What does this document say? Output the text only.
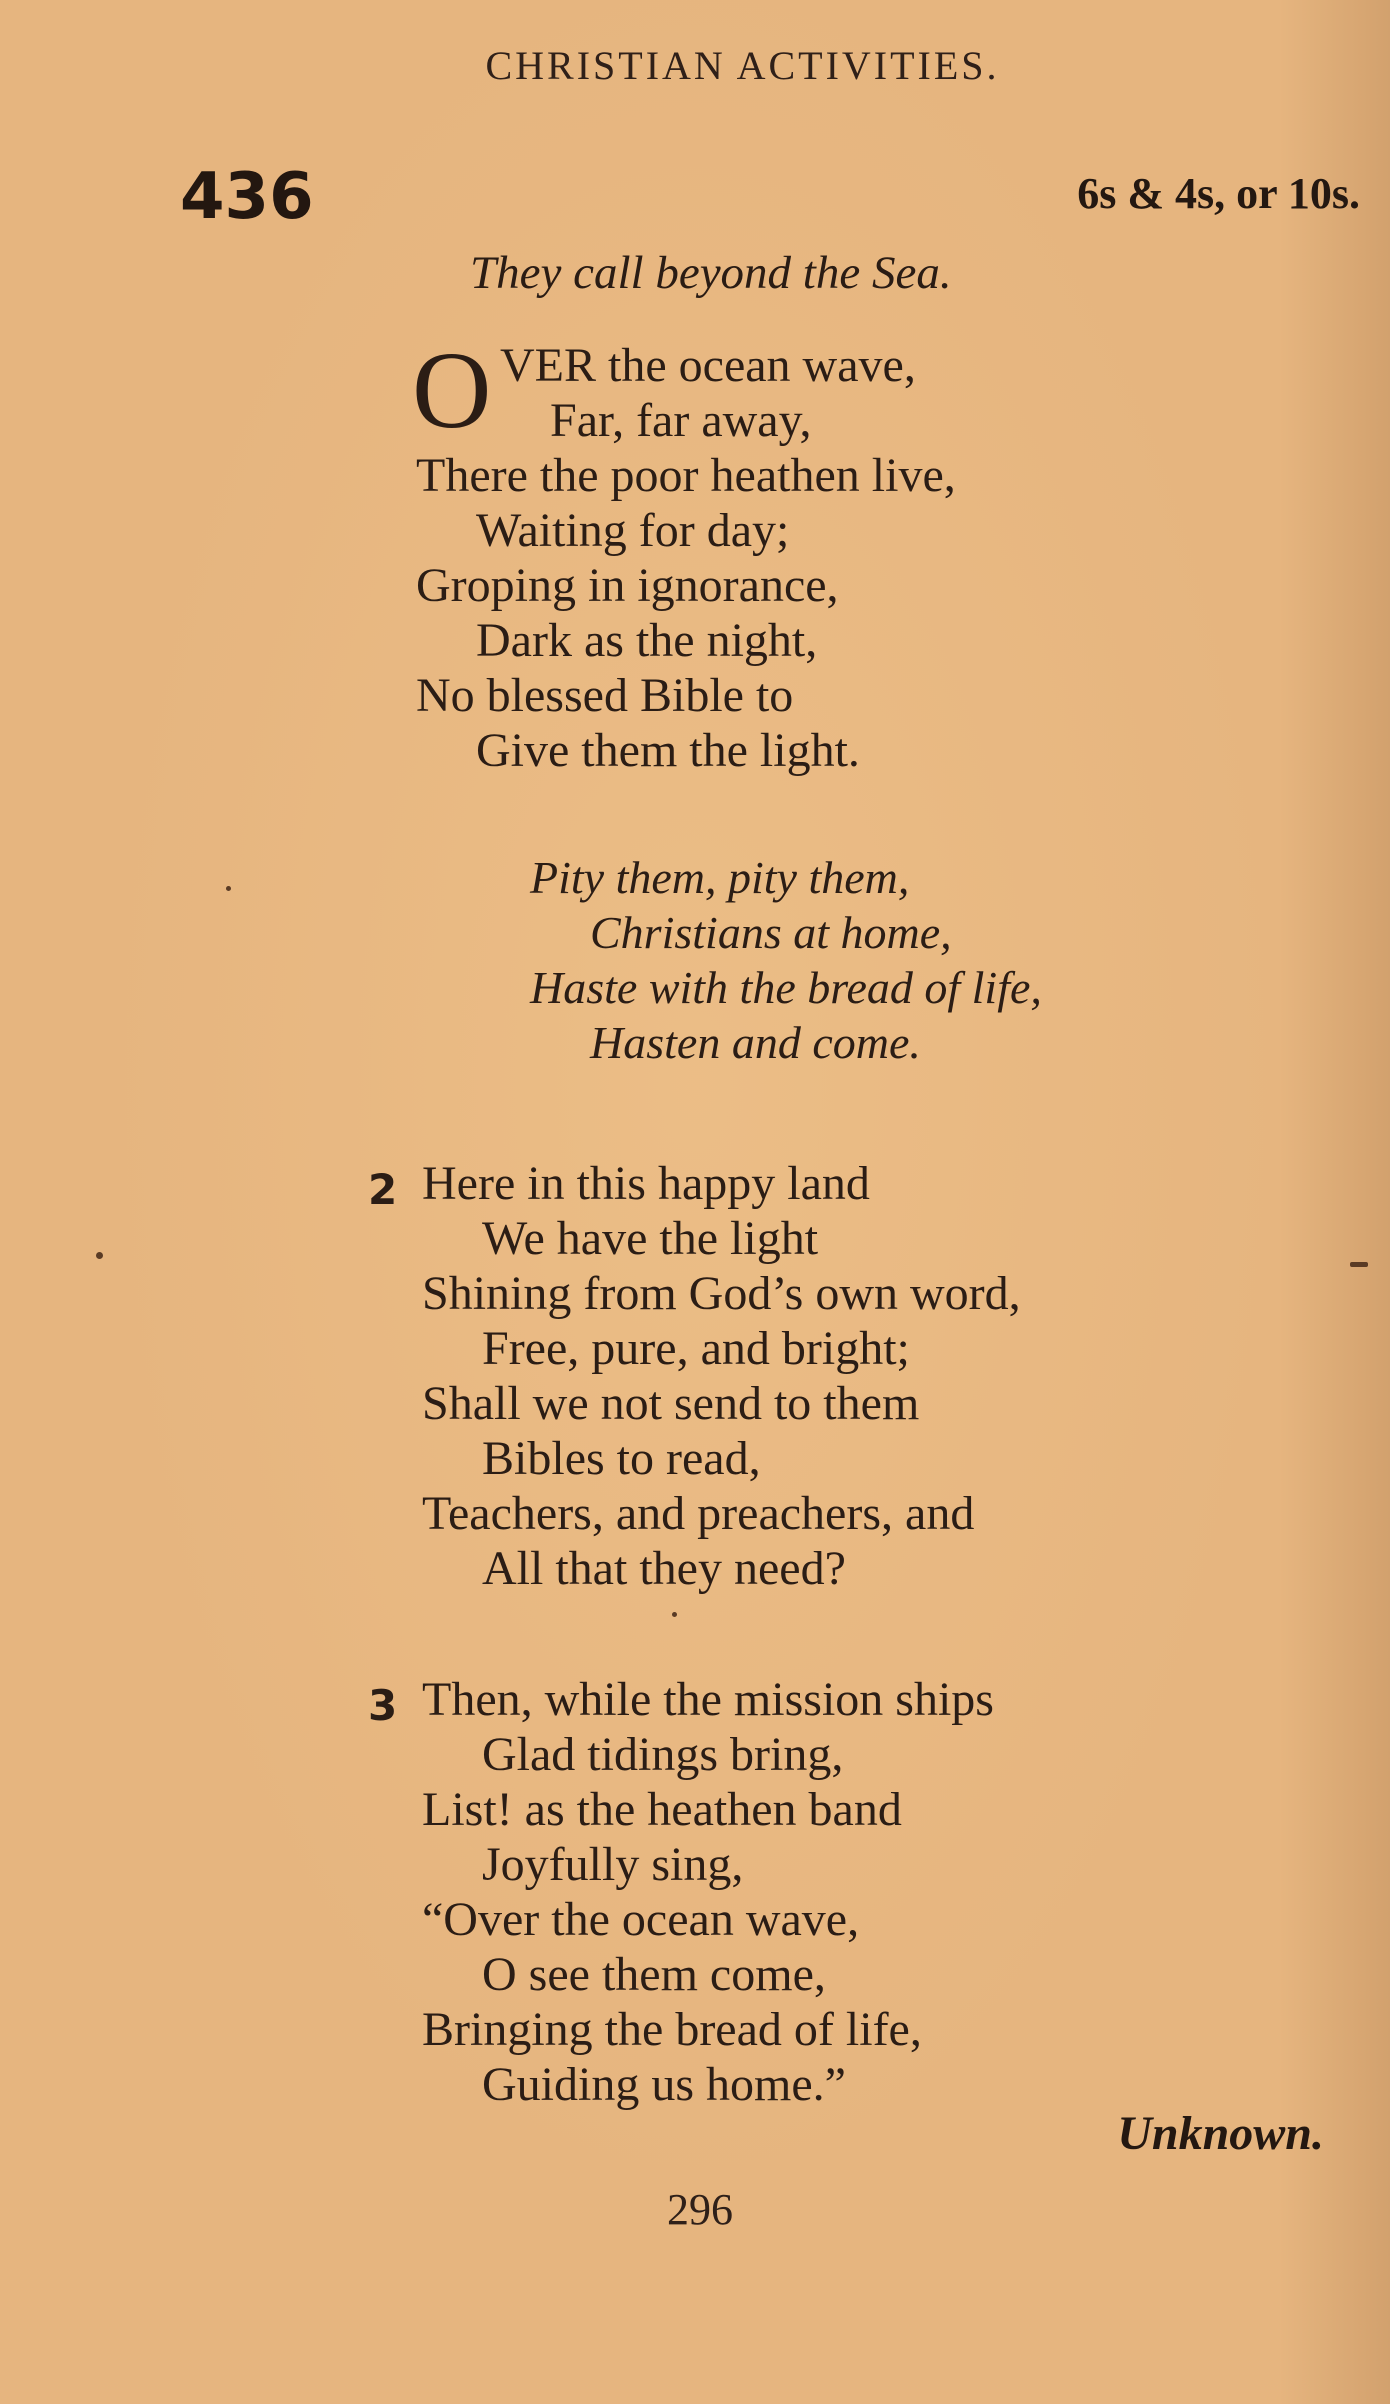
CHRISTIAN ACTIVITIES.
436	6s & 4s, or 10s.
They call beyond the Sea.
O VER the ocean wave,
Far, far away,
There the poor heathen live,
Waiting for day;
Groping in ignorance,
Dark as the night,
No blessed Bible to
Give them the light.
Pity them, pity them,
Christians at home,
Haste with the bread of life,
Hasten and come.
2 Here in this happy land
We have the light
Shining from God’s own word,
Free, pure, and bright;
Shall we not send to them
Bibles to read,
Teachers, and preachers, and
All that they need?
3 Then, while the mission ships
Glad tidings bring,
List! as the heathen band
Joyfully sing,
“Over the ocean wave,
O see them come,
Bringing the bread of life,
Guiding us home.”
Unknown.
296
